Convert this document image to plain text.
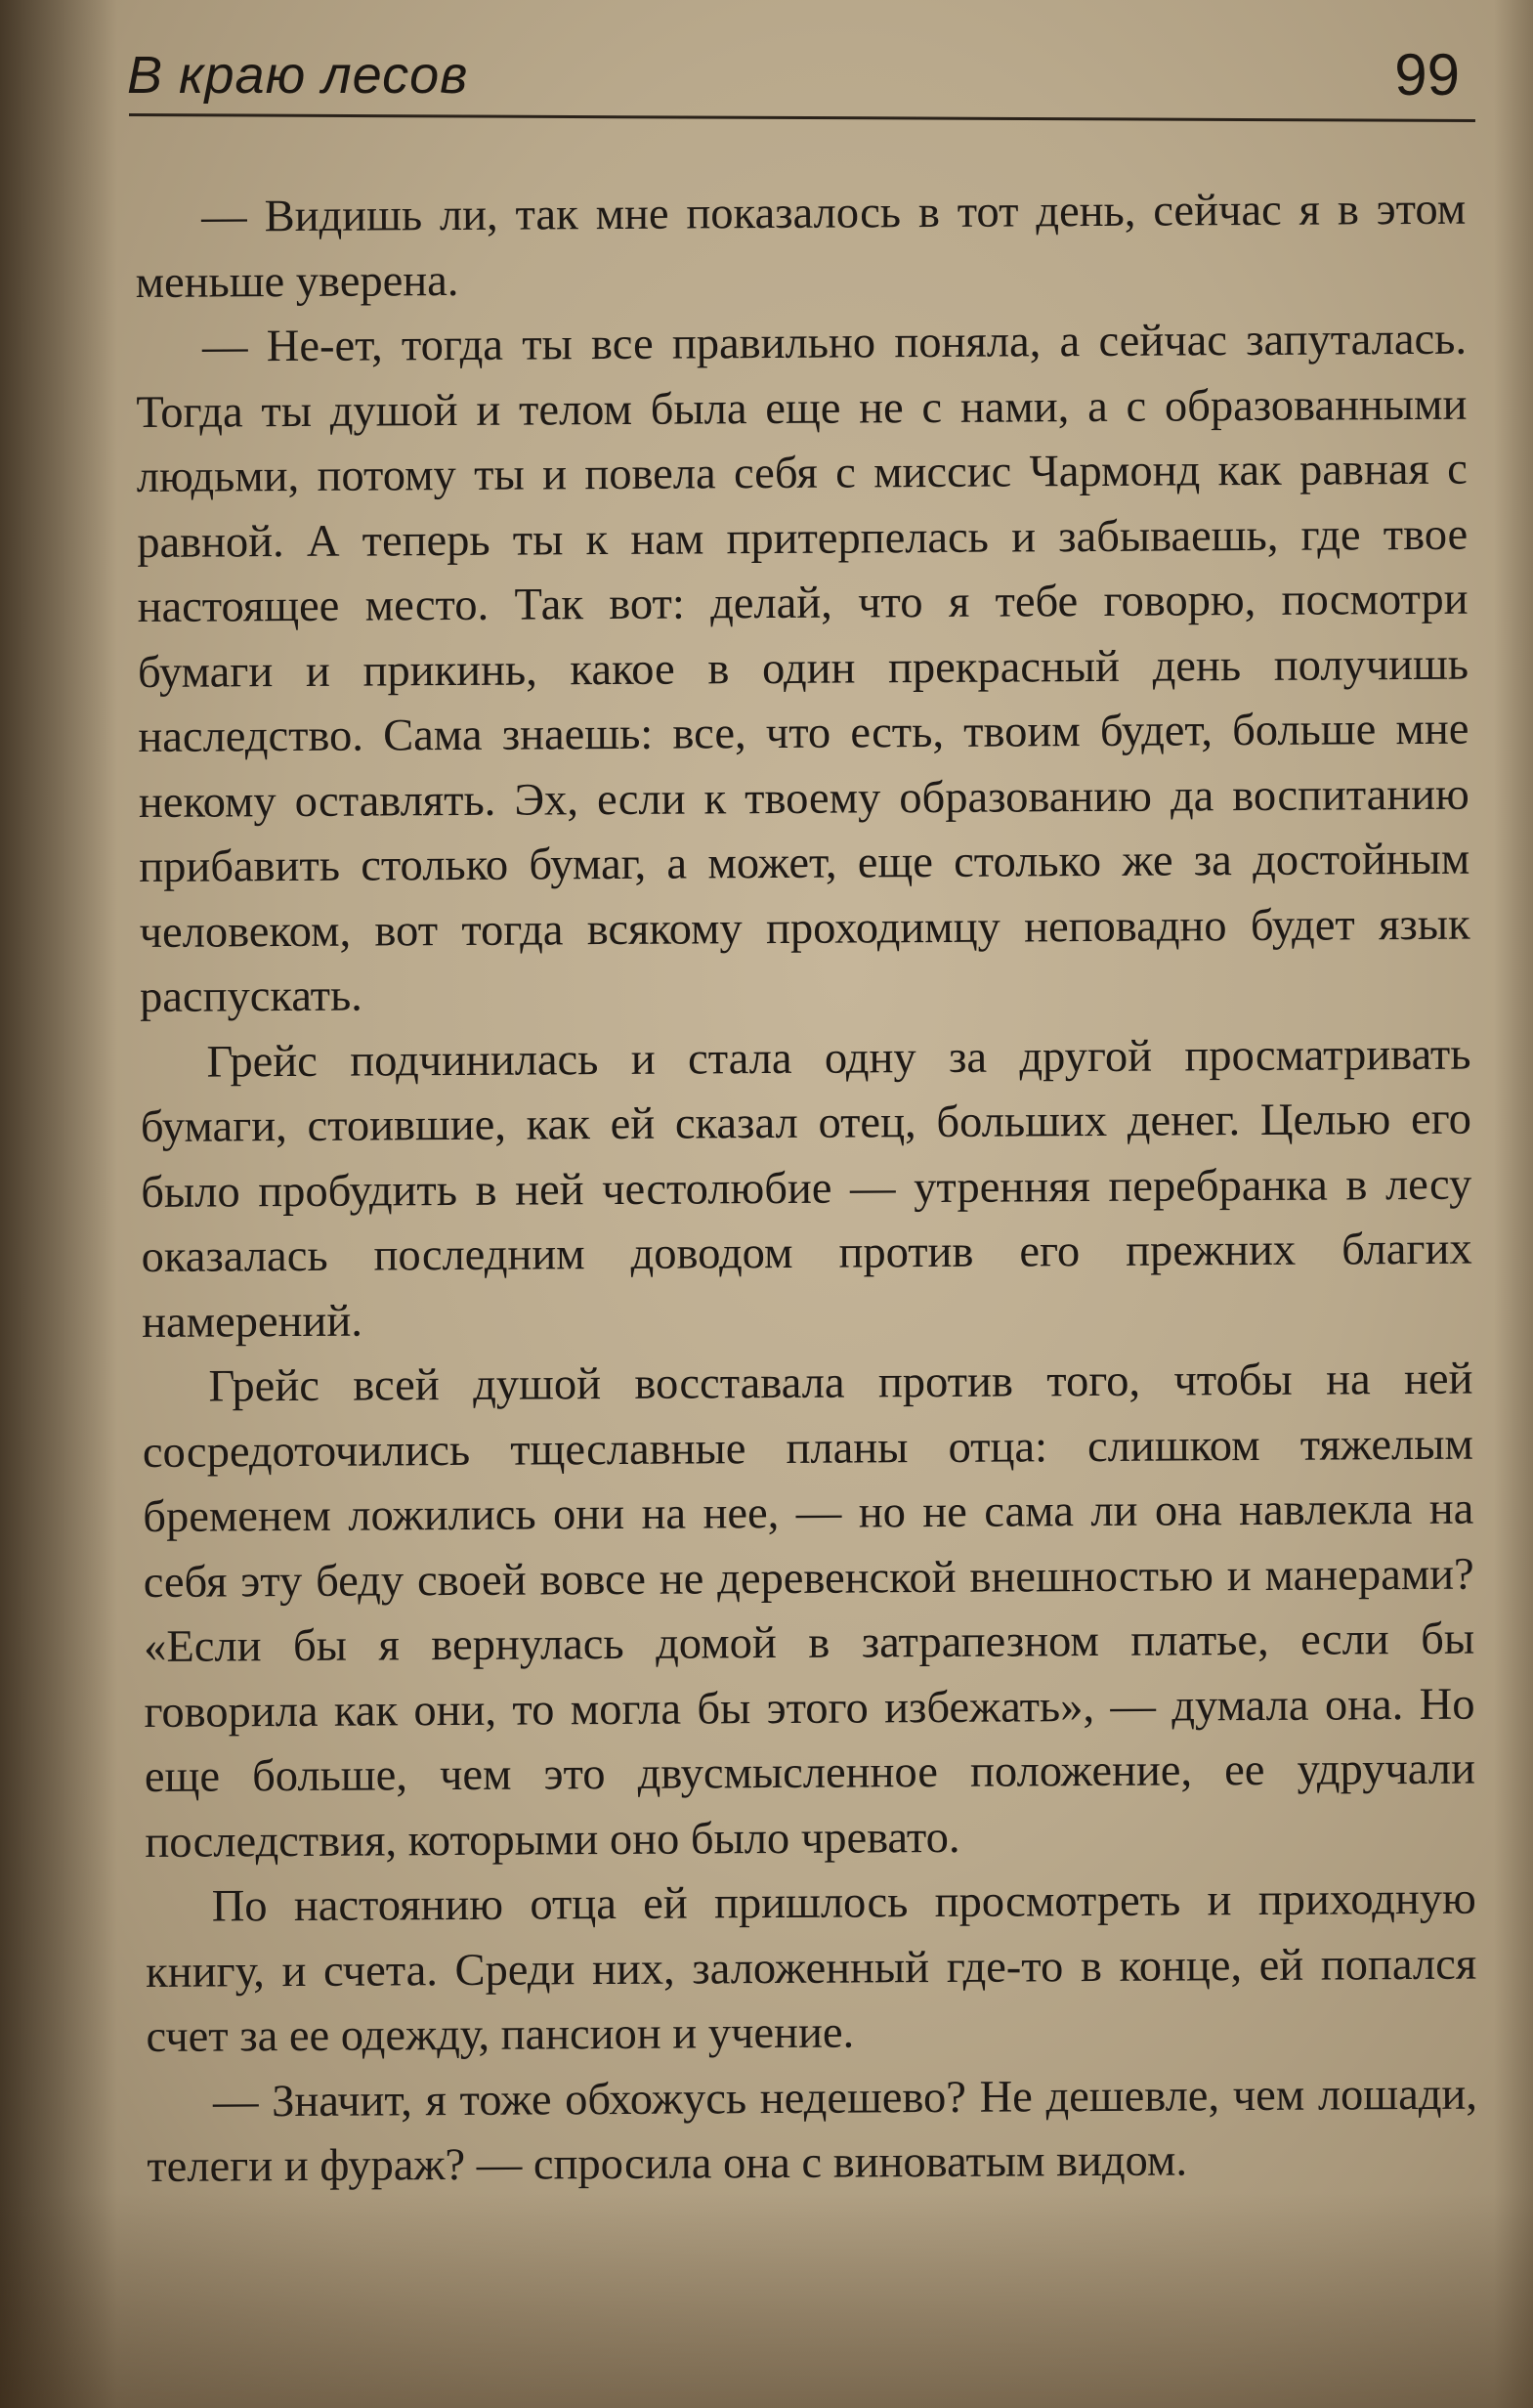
В краю лесов	99

— Видишь ли, так мне показалось в тот день, сейчас я в этом меньше уверена.

— Не-ет, тогда ты все правильно поняла, а сейчас запуталась. Тогда ты душой и телом была еще не с нами, а с образованными людьми, потому ты и повела себя с миссис Чармонд как равная с равной. А теперь ты к нам притерпелась и забываешь, где твое настоящее место. Так вот: делай, что я тебе говорю, посмотри бумаги и прикинь, какое в один прекрасный день получишь наследство. Сама знаешь: все, что есть, твоим будет, больше мне некому оставлять. Эх, если к твоему образованию да воспитанию прибавить столько бумаг, а может, еще столько же за достойным человеком, вот тогда всякому проходимцу неповадно будет язык распускать.

Грейс подчинилась и стала одну за другой просматривать бумаги, стоившие, как ей сказал отец, больших денег. Целью его было пробудить в ней честолюбие — утренняя перебранка в лесу оказалась последним доводом против его прежних благих намерений.

Грейс всей душой восставала против того, чтобы на ней сосредоточились тщеславные планы отца: слишком тяжелым бременем ложились они на нее, — но не сама ли она навлекла на себя эту беду своей вовсе не деревенской внешностью и манерами? «Если бы я вернулась домой в затрапезном платье, если бы говорила как они, то могла бы этого избежать», — думала она. Но еще больше, чем это двусмысленное положение, ее удручали последствия, которыми оно было чревато.

По настоянию отца ей пришлось просмотреть и приходную книгу, и счета. Среди них, заложенный где-то в конце, ей попался счет за ее одежду, пансион и учение.

— Значит, я тоже обхожусь недешево? Не дешевле, чем лошади, телеги и фураж? — спросила она с виноватым видом.
